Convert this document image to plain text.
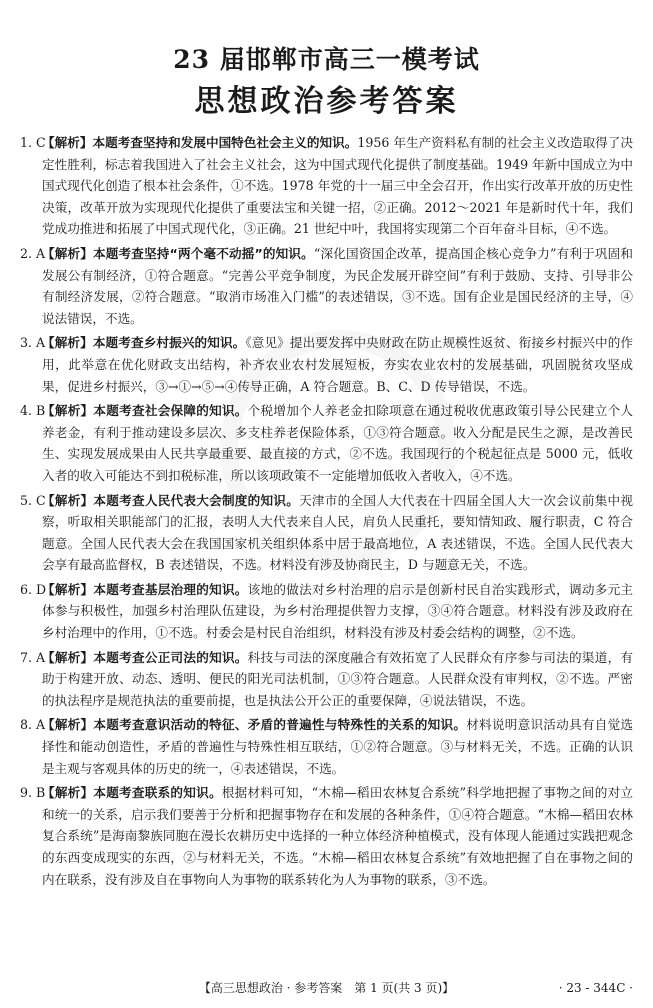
23 届邯郸市高三一模考试
思想政治参考答案
1. C
【解析】本题考查坚持和发展中国特色社会主义的知识。1956 年生产资料私有制的社会主义改造取得了决定性胜利，标志着我国进入了社会主义社会，这为中国式现代化提供了制度基础。1949 年新中国成立为中国式现代化创造了根本社会条件，①不选。1978 年党的十一届三中全会召开，作出实行改革开放的历史性决策，改革开放为实现现代化提供了重要法宝和关键一招，②正确。2012～2021 年是新时代十年，我们党成功推进和拓展了中国式现代化，③正确。21 世纪中叶，我国将实现第二个百年奋斗目标，④不选。
2. A
【解析】本题考查坚持“两个毫不动摇”的知识。“深化国资国企改革，提高国企核心竞争力”有利于巩固和发展公有制经济，①符合题意。“完善公平竞争制度，为民企发展开辟空间”有利于鼓励、支持、引导非公有制经济发展，②符合题意。“取消市场准入门槛”的表述错误，③不选。国有企业是国民经济的主导，④说法错误，不选。
3. A
【解析】本题考查乡村振兴的知识。《意见》提出要发挥中央财政在防止规模性返贫、衔接乡村振兴中的作用，此举意在优化财政支出结构，补齐农业农村发展短板，夯实农业农村的发展基础，巩固脱贫攻坚成果，促进乡村振兴，③→①→⑤→④传导正确，A 符合题意。B、C、D 传导错误，不选。
4. B
【解析】本题考查社会保障的知识。个税增加个人养老金扣除项意在通过税收优惠政策引导公民建立个人养老金，有利于推动建设多层次、多支柱养老保险体系，①③符合题意。收入分配是民生之源，是改善民生、实现发展成果由人民共享最重要、最直接的方式，②不选。我国现行的个税起征点是 5000 元，低收入者的收入可能达不到扣税标准，所以该项政策不一定能增加低收入者收入，④不选。
5. C
【解析】本题考查人民代表大会制度的知识。天津市的全国人大代表在十四届全国人大一次会议前集中视察，听取相关职能部门的汇报，表明人大代表来自人民，肩负人民重托，要知情知政、履行职责，C 符合题意。全国人民代表大会在我国国家机关组织体系中居于最高地位，A 表述错误，不选。全国人民代表大会享有最高监督权，B 表述错误，不选。材料没有涉及协商民主，D 与题意无关，不选。
6. D
【解析】本题考查基层治理的知识。该地的做法对乡村治理的启示是创新村民自治实践形式，调动多元主体参与积极性，加强乡村治理队伍建设，为乡村治理提供智力支撑，③④符合题意。材料没有涉及政府在乡村治理中的作用，①不选。村委会是村民自治组织，材料没有涉及村委会结构的调整，②不选。
7. A
【解析】本题考查公正司法的知识。科技与司法的深度融合有效拓宽了人民群众有序参与司法的渠道，有助于构建开放、动态、透明、便民的阳光司法机制，①③符合题意。人民群众没有审判权，②不选。严密的执法程序是规范执法的重要前提，也是执法公开公正的重要保障，④说法错误，不选。
8. A
【解析】本题考查意识活动的特征、矛盾的普遍性与特殊性的关系的知识。材料说明意识活动具有自觉选择性和能动创造性，矛盾的普遍性与特殊性相互联结，①②符合题意。③与材料无关，不选。正确的认识是主观与客观具体的历史的统一，④表述错误，不选。
9. B
【解析】本题考查联系的知识。根据材料可知，“木棉—稻田农林复合系统”科学地把握了事物之间的对立和统一的关系，启示我们要善于分析和把握事物存在和发展的各种条件，①④符合题意。“木棉—稻田农林复合系统”是海南黎族同胞在漫长农耕历史中选择的一种立体经济种植模式，没有体现人能通过实践把观念的东西变成现实的东西，②与材料无关，不选。“木棉—稻田农林复合系统”有效地把握了自在事物之间的内在联系，没有涉及自在事物向人为事物的联系转化为人为事物的联系，③不选。
【高三思想政治 · 参考答案　第 1 页(共 3 页)】	· 23 - 344C ·
